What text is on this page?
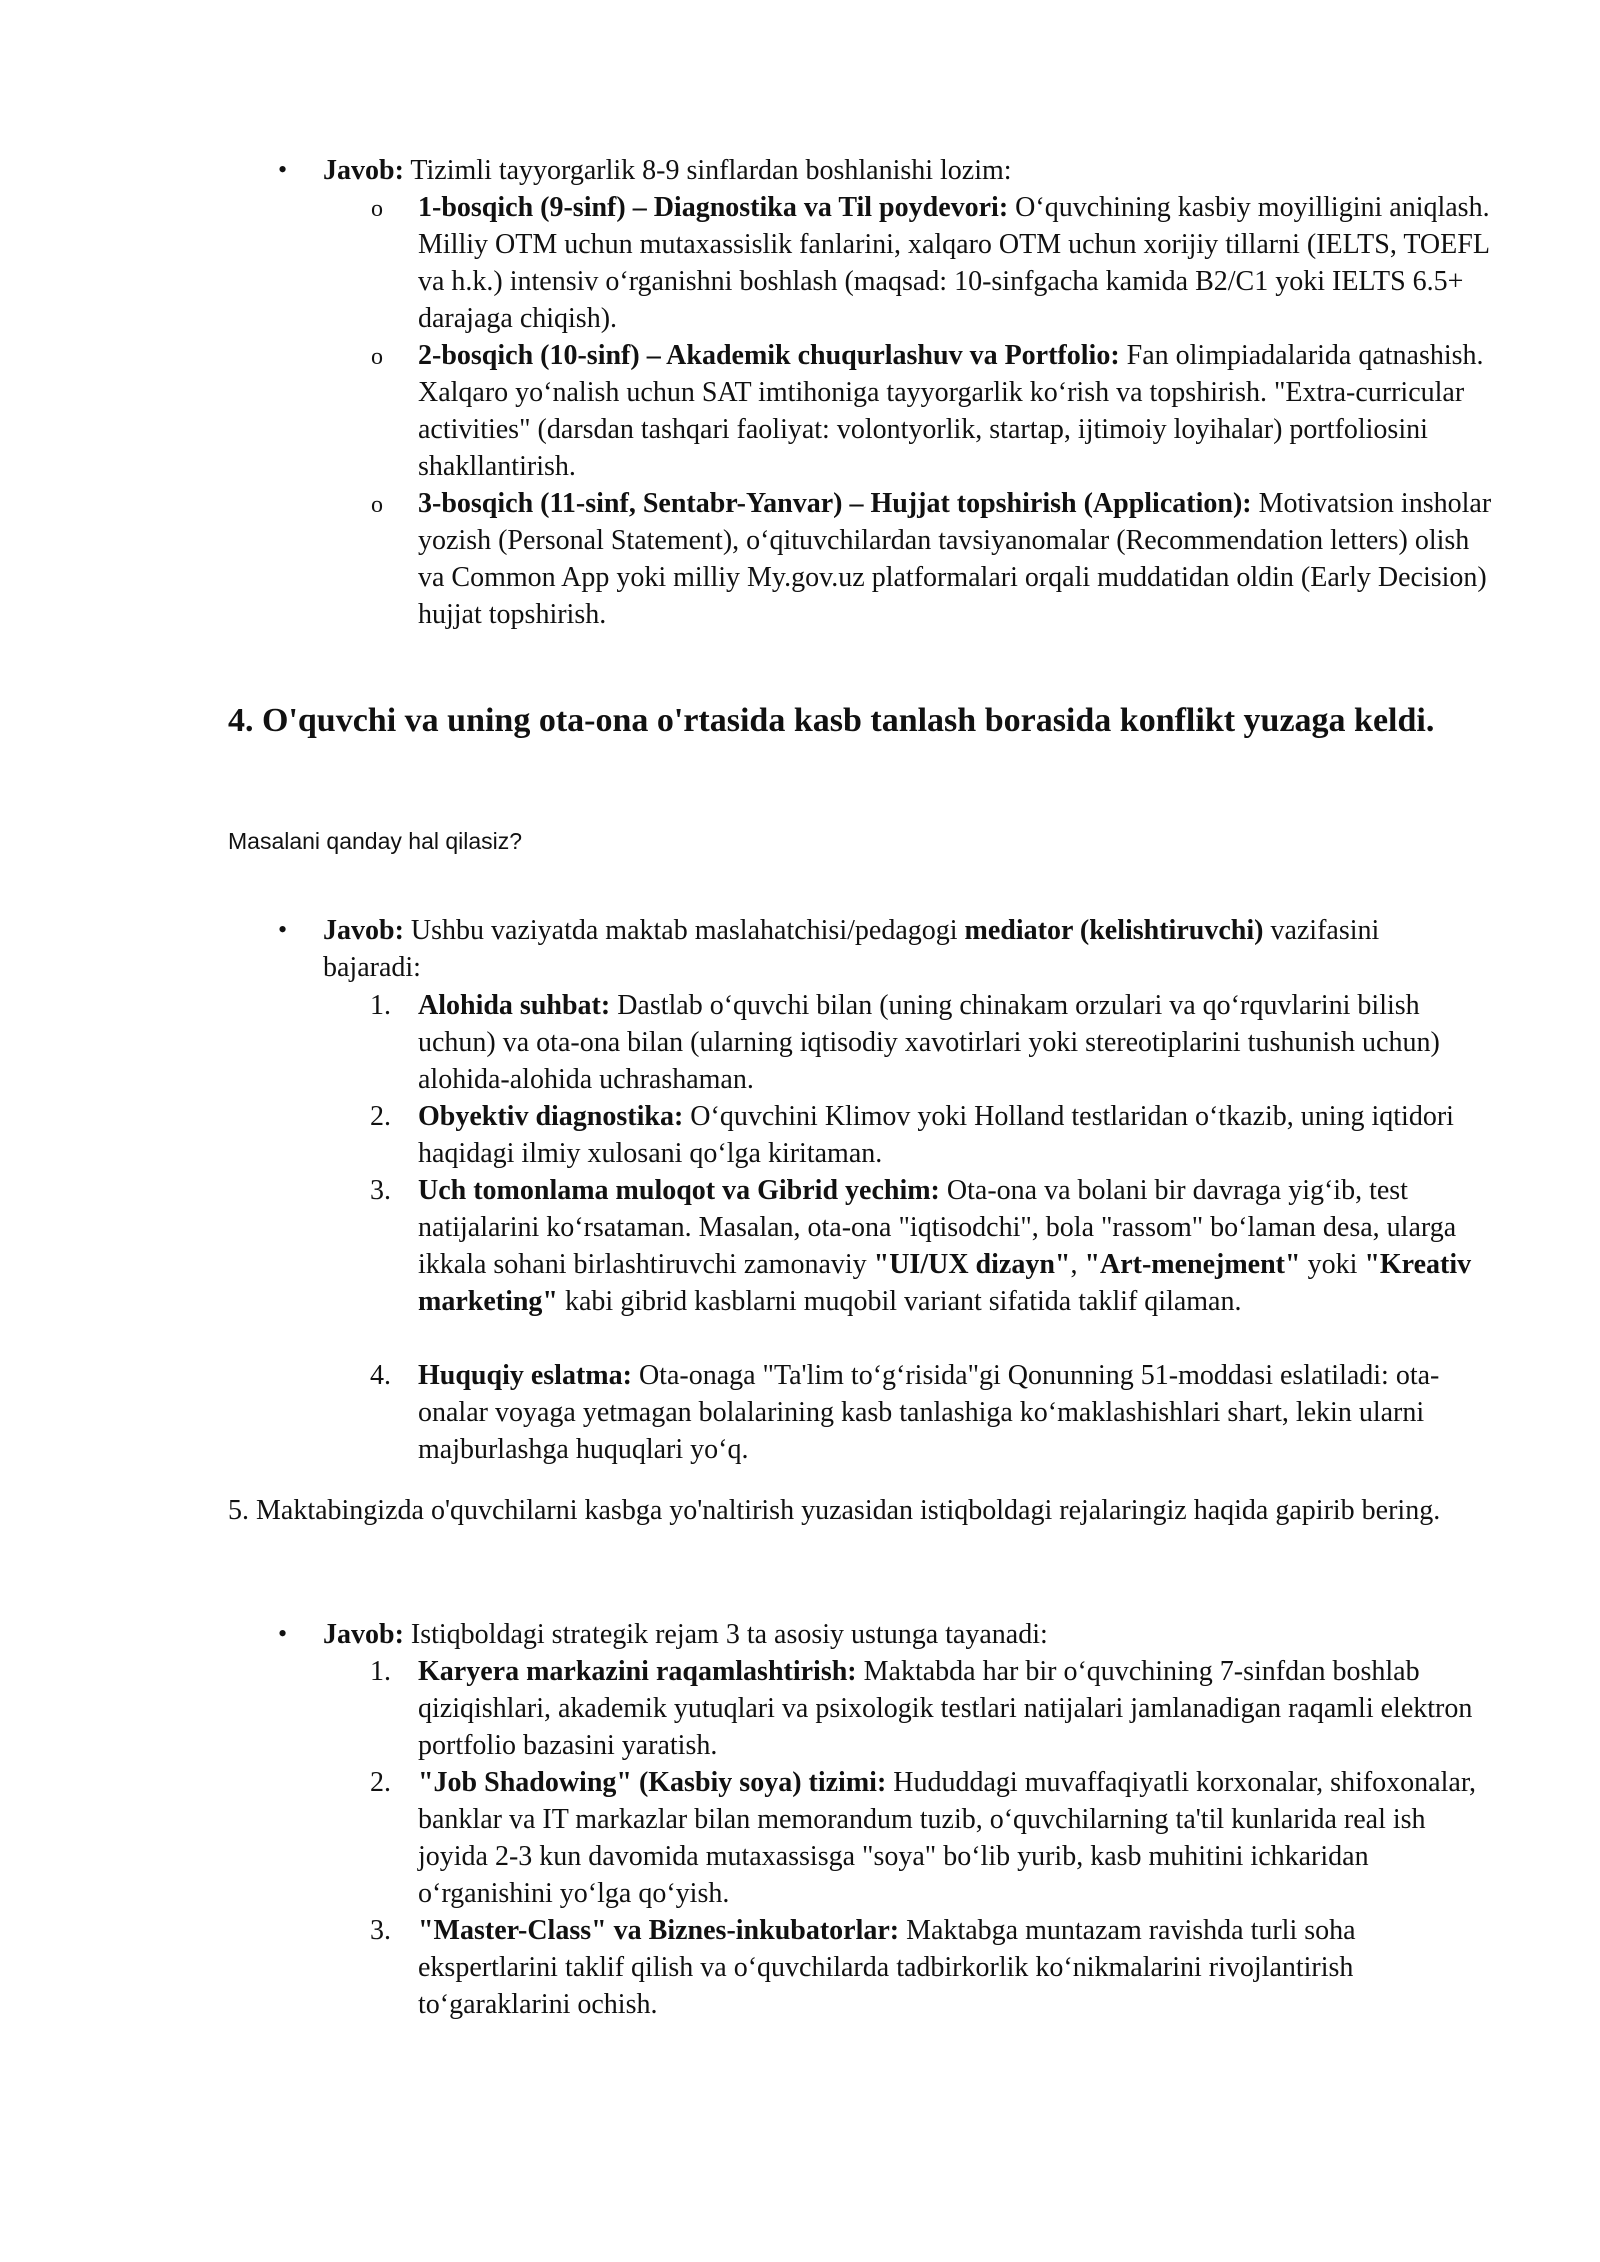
•
Javob: Tizimli tayyorgarlik 8-9 sinflardan boshlanishi lozim:
o 1-bosqich (9-sinf) – Diagnostika va Til poydevori: O‘quvchining kasbiy moyilligini aniqlash. Milliy OTM uchun mutaxassislik fanlarini, xalqaro OTM uchun xorijiy tillarni (IELTS, TOEFL va h.k.) intensiv o‘rganishni boshlash (maqsad: 10-sinfgacha kamida B2/C1 yoki IELTS 6.5+ darajaga chiqish).
o 2-bosqich (10-sinf) – Akademik chuqurlashuv va Portfolio: Fan olimpiadalarida qatnashish. Xalqaro yo‘nalish uchun SAT imtihoniga tayyorgarlik ko‘rish va topshirish. "Extra-curricular activities" (darsdan tashqari faoliyat: volontyorlik, startap, ijtimoiy loyihalar) portfoliosini shakllantirish.
o 3-bosqich (11-sinf, Sentabr-Yanvar) – Hujjat topshirish (Application): Motivatsion insholar yozish (Personal Statement), o‘qituvchilardan tavsiyanomalar (Recommendation letters) olish va Common App yoki milliy My.gov.uz platformalari orqali muddatidan oldin (Early Decision) hujjat topshirish.
4. O'quvchi va uning ota-ona o'rtasida kasb tanlash borasida konflikt yuzaga keldi.
Masalani qanday hal qilasiz?
•
Javob: Ushbu vaziyatda maktab maslahatchisi/pedagogi mediator (kelishtiruvchi) vazifasini bajaradi:
1. Alohida suhbat: Dastlab o‘quvchi bilan (uning chinakam orzulari va qo‘rquvlarini bilish uchun) va ota-ona bilan (ularning iqtisodiy xavotirlari yoki stereotiplarini tushunish uchun) alohida-alohida uchrashaman.
2. Obyektiv diagnostika: O‘quvchini Klimov yoki Holland testlaridan o‘tkazib, uning iqtidori haqidagi ilmiy xulosani qo‘lga kiritaman.
3. Uch tomonlama muloqot va Gibrid yechim: Ota-ona va bolani bir davraga yig‘ib, test natijalarini ko‘rsataman. Masalan, ota-ona "iqtisodchi", bola "rassom" bo‘laman desa, ularga ikkala sohani birlashtiruvchi zamonaviy "UI/UX dizayn", "Art-menejment" yoki "Kreativ marketing" kabi gibrid kasblarni muqobil variant sifatida taklif qilaman.
4. Huquqiy eslatma: Ota-onaga "Ta'lim to‘g‘risida"gi Qonunning 51-moddasi eslatiladi: ota-onalar voyaga yetmagan bolalarining kasb tanlashiga ko‘maklashishlari shart, lekin ularni majburlashga huquqlari yo‘q.
5. Maktabingizda o'quvchilarni kasbga yo'naltirish yuzasidan istiqboldagi rejalaringiz haqida gapirib bering.
•
Javob: Istiqboldagi strategik rejam 3 ta asosiy ustunga tayanadi:
1. Karyera markazini raqamlashtirish: Maktabda har bir o‘quvchining 7-sinfdan boshlab qiziqishlari, akademik yutuqlari va psixologik testlari natijalari jamlanadigan raqamli elektron portfolio bazasini yaratish.
2. "Job Shadowing" (Kasbiy soya) tizimi: Hududdagi muvaffaqiyatli korxonalar, shifoxonalar, banklar va IT markazlar bilan memorandum tuzib, o‘quvchilarning ta'til kunlarida real ish joyida 2-3 kun davomida mutaxassisga "soya" bo‘lib yurib, kasb muhitini ichkaridan o‘rganishini yo‘lga qo‘yish.
3. "Master-Class" va Biznes-inkubatorlar: Maktabga muntazam ravishda turli soha ekspertlarini taklif qilish va o‘quvchilarda tadbirkorlik ko‘nikmalarini rivojlantirish to‘garaklarini ochish.
